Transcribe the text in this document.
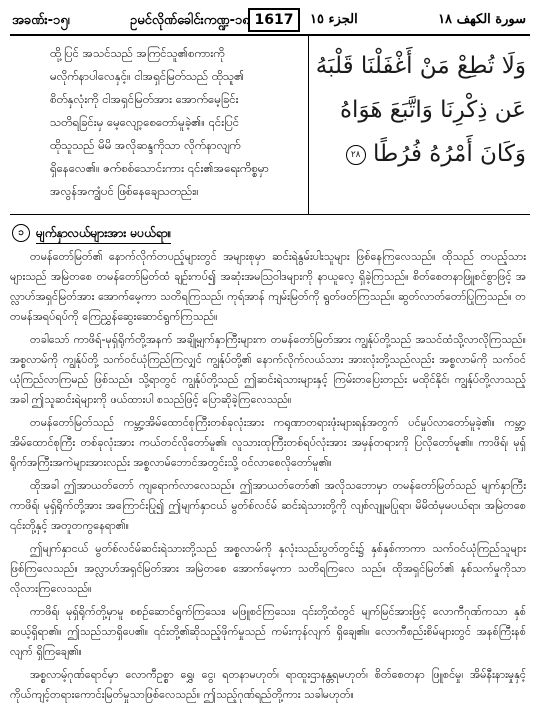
အခဏ်း-၁၅၊	ဥမင်လိုဏ်ခေါင်းကဏ္ဍ-၁၈ 1617	الجزء ١٥	سورة الكهف ١٨
ထို့ပြင် အသင်သည် အကြင်သူ၏စကားကို
မလိုက်နာပါလေနှင့်။ ငါအရှင်မြတ်သည် ထိုသူ၏
စိတ်နှလုံးကို ငါအရှင်မြတ်အား အောက်မေ့ခြင်း
သတိရခြင်းမှ မေ့လျော့စေတော်မူခဲ့၏။ ၎င်းပြင်
ထိုသူသည် မိမိ အလိုဆန္ဒကိုသာ လိုက်နာလျက်
ရှိနေလေ၏။ ဇက်စစ်သောင်းကား ၎င်း၏အရေးကိစ္စမှာ
အလွန်အကျွံပင် ဖြစ်နေချေသတည်း။
وَلَا تُطِعْ مَنْ أَغْفَلْنَا قَلْبَهُ
عَن ذِكْرِنَا وَاتَّبَعَ هَوَاهُ
وَكَانَ أَمْرُهُ فُرُطًا ٢٨
၁	မျက်နှာလယ်များအား မပယ်ရာ။

တမန်တော်မြတ်၏ နောက်လိုက်တပည့်များတွင် အများစုမှာ ဆင်းရဲနွမ်းပါးသူများ ဖြစ်နေကြလေသည်။ ထိုသည် တပည့်သားများသည် အမြဲတစေ တမန်တော်မြတ်ထံ ချဉ်းကပ်၍ အဆုံးအမသြဝါဒများကို နာယူလေ့ ရှိခဲ့ကြသည်။ စိတ်စေတနာဖြူစင်စွာဖြင့် အလ္လာဟ်အရှင်မြတ်အား အောက်မေ့ကာ သတိရကြသည်၊ ကုရ်အာန် ကျမ်းမြတ်ကို ရွတ်ဖတ်ကြသည်။ ဆွတ်လာတ်တော်ပြုကြသည်။ တတမန်အရပ်ရပ်ကို ကြေညွှန်ဆွေးဆောင်ရွက်ကြသည်။

တခါသော် ကာဖိရ်-မုရှ်ရိုက်တို့အနက် အချို့မျက်နှာကြီးများက တမန်တော်မြတ်အား ကျွန်ုပ်တို့သည် အသင်ထံသို့လာလိုကြသည်။ အစ္စလာမ်ကို ကျွန်ုပ်တို့ သက်ဝင်ယုံကြည်ကြလျှင် ကျွန်ုပ်တို့၏ နောက်လိုက်လယ်သား အားလုံးတို့သည်လည်း အစ္စလာမ်ကို သက်ဝင်ယုံကြည်လာကြမည် ဖြစ်သည်။ သို့ရာတွင် ကျွန်ုပ်တို့သည် ဤဆင်းရဲသားများနှင့် ကြမ်းတပြေးတည်း မထိုင်နိုင်၊ ကျွန်ုပ်တို့လာသည့်အခါ ဤသူဆင်းရဲများကို ဖယ်ထားပါ စသည်ဖြင့် ပြောဆိုခဲ့ကြလေသည်။

တမန်တော်မြတ်သည် ကမ္ဘာ့အိမ်ထောင်စုကြီးတစ်ခုလုံးအား ကရုဏာတရားဖုံးများရန်အတွက် ပင်မှုပ်လာတော်မူခဲ့၏။ ကမ္ဘာ့အိမ်ထောင်စုကြီး တစ်ခုလုံးအား ကယ်တင်လိုတော်မူ၏၊ လူသားထုကြီးတစ်ရပ်လုံးအား အမှန်တရားကို ပြလိုတော်မူ၏။ ကာဖိရ်၊ မုရှ်ရိုက်အကြီးအကဲများအားလည်း အစ္စလာမ်ဘောင်အတွင်းသို့ ဝင်လာစေလိုတော်မူ၏။

ထိုအခါ ဤအာယတ်တော် ကျရောက်လာလေသည်။ ဤအာယတ်တော်၏ အလိုသဘောမှာ တမန်တော်မြတ်သည် မျက်နှာကြီးကာဖိရ်၊ မုရှ်ရိုက်တို့အား အကြောင်းပြု၍ ဤမျက်နှာငယ် မွတ်စ်လင်မ် ဆင်းရဲသားတို့ကို လျစ်လျူမပြုရာ၊ မိမိထံမှမပယ်ရာ၊ အမြဲတစေ ၎င်းတို့နှင့် အတူတကွနေရာ၏။

ဤမျက်နှာငယ် မွတ်စ်လင်မ်ဆင်းရဲသားတို့သည် အစ္စလာမ်ကို နှလုံးသည်းပွတ်တွင်း၌ နှစ်နှစ်ကာကာ သက်ဝင်ယုံကြည်သူများ ဖြစ်ကြလေသည်။ အလ္လာဟ်အရှင်မြတ်အား အမြဲတစေ အောက်မေ့ကာ သတိရကြလေ သည်။ ထိုအရှင်မြတ်၏ နှစ်သက်မှုကိုသာ လိုလားကြလေသည်။

ကာဖိရ်၊ မုရှ်ရိုက်တို့မှာမူ စစဉ်ဆောင်ရွက်ကြသေး၊ မဖြူစင်ကြသေး၊ ၎င်းတို့ထံတွင် မျက်မြင်အားဖြင့် လောကီဂုဏ်ကသာ နှစ်ဆယ့်ရှိရာ၏။ ဤသည်သာရှိပေ၏။ ၎င်းတို့၏ဆိုသည့်ဖိုက်မှုသည် ကမ်းကုန်လျက် ရှိချေ၏။ လောကီစည်းစိမ်များတွင် အနစ်ကြီးနစ်လျက် ရှိကြချေ၏။

အစ္စလာမ့်ဂုဏ်ရောင်မှာ လောကီဥစ္စာ ရွှေ၊ ငွေ၊ ရတနာမဟုတ်၊ ရာထူးဌာနန္တရမဟုတ်၊ စိတ်စေတနာ ဖြူစင်မှု၊ အိမ်နီးနားမှုနှင့် ကိုယ်ကျင့်တရားကောင်းမြတ်မှုသာဖြစ်လေသည်။ ဤသည့်ဂုဏ်ရည်တို့ကား သခါမဟုတ်။
